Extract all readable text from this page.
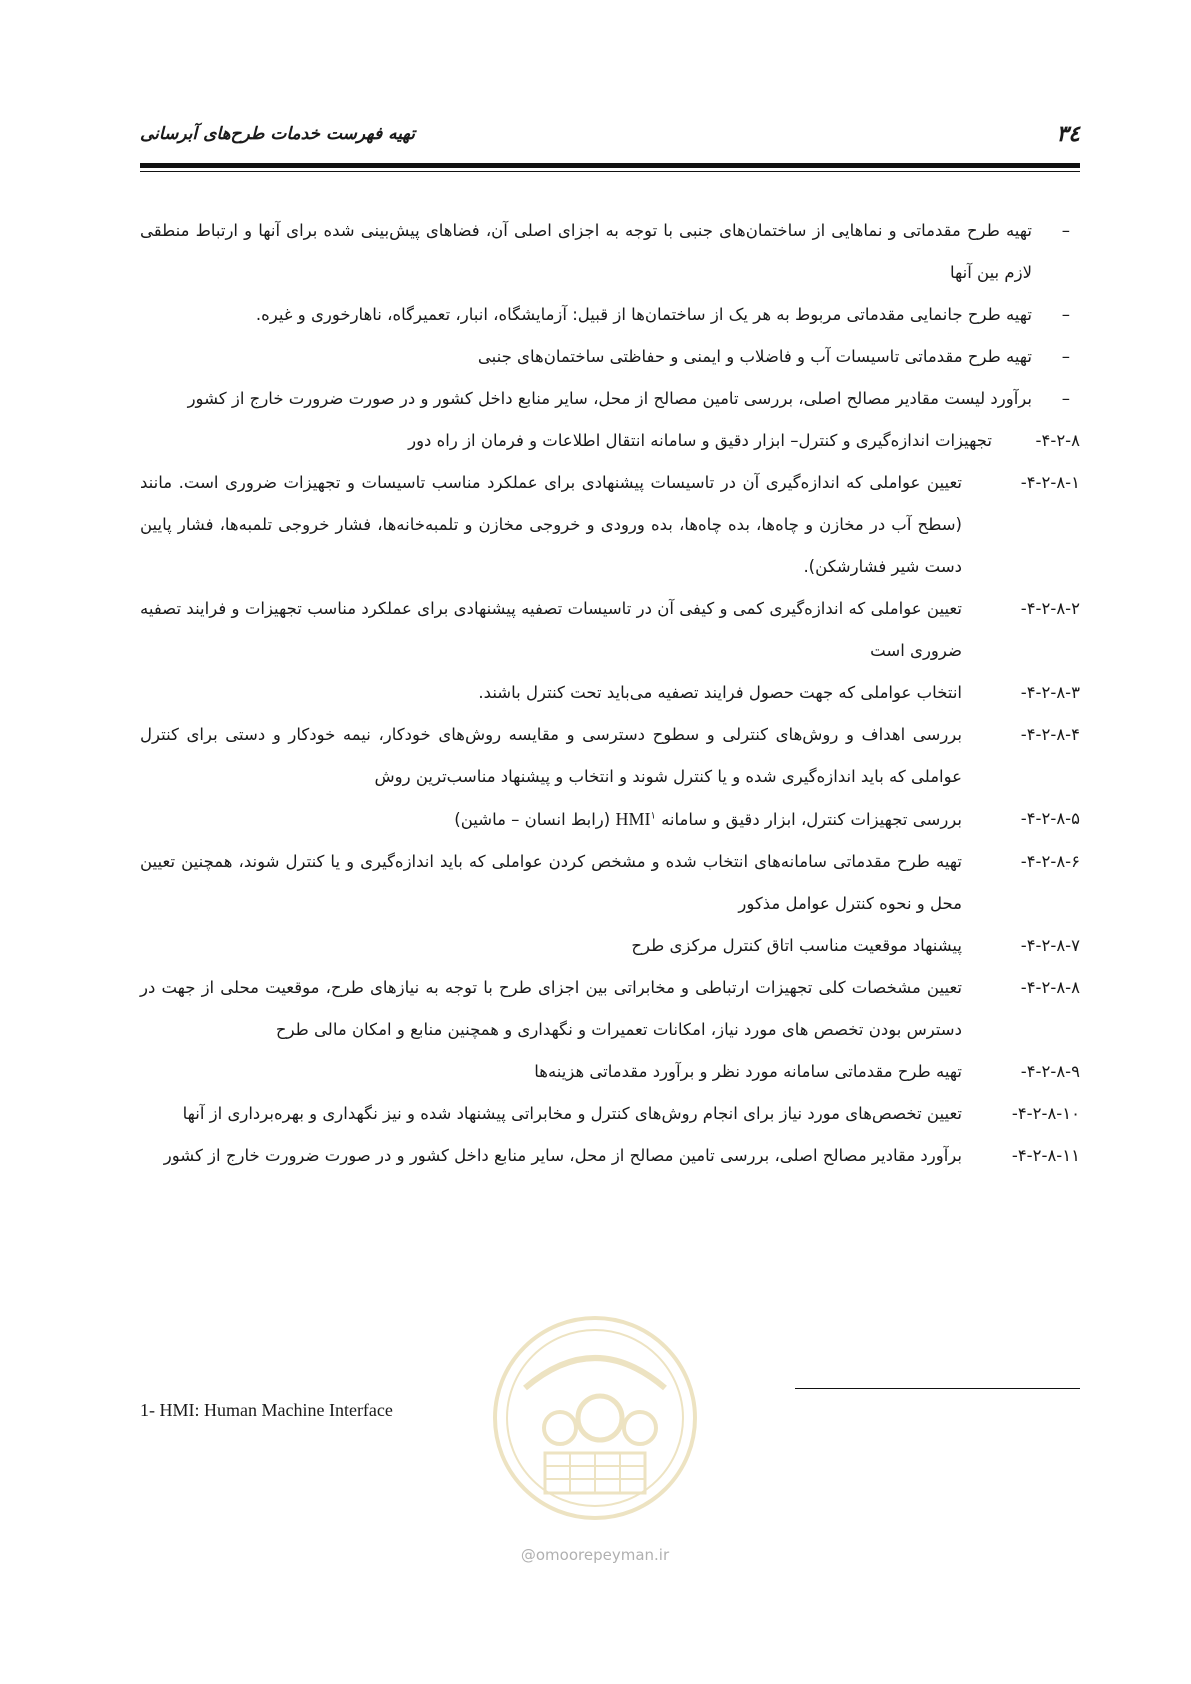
۳٤
تهیه فهرست خدمات طرح‌های آبرسانی
–

تهیه طرح مقدماتی و نماهایی از ساختمان‌های جنبی با توجه به اجزای اصلی آن، فضاهای پیش‌بینی شده برای آنها و ارتباط منطقی لازم بین آنها

–

تهیه طرح جانمایی مقدماتی مربوط به هر یک از ساختمان‌ها از قبیل: آزمایشگاه، انبار، تعمیرگاه، ناهارخوری و غیره.

–

تهیه طرح مقدماتی تاسیسات آب و فاضلاب و ایمنی و حفاظتی ساختمان‌های جنبی

–

برآورد لیست مقادیر مصالح اصلی، بررسی تامین مصالح از محل، سایر منابع داخل کشور و در صورت ضرورت خارج از کشور

۴-۲-۸-
تجهیزات اندازه‌گیری و کنترل– ابزار دقیق و سامانه انتقال اطلاعات و فرمان از راه دور
۴-۲-۸-۱-

تعیین عواملی که اندازه‌گیری آن در تاسیسات پیشنهادی برای عملکرد مناسب تاسیسات و تجهیزات ضروری است. مانند (سطح آب در مخازن و چاه‌ها، بده چاه‌ها، بده ورودی و خروجی مخازن و تلمبه‌خانه‌ها، فشار خروجی تلمبه‌ها، فشار پایین دست شیر فشارشکن).

۴-۲-۸-۲-

تعیین عواملی که اندازه‌گیری کمی و کیفی آن در تاسیسات تصفیه پیشنهادی برای عملکرد مناسب تجهیزات و فرایند تصفیه ضروری است

۴-۲-۸-۳-

انتخاب عواملی که جهت حصول فرایند تصفیه می‌باید تحت کنترل باشند.

۴-۲-۸-۴-

بررسی اهداف و روش‌های کنترلی و سطوح دسترسی و مقایسه روش‌های خودکار، نیمه خودکار و دستی برای کنترل عواملی که باید اندازه‌گیری شده و یا کنترل شوند و انتخاب و پیشنهاد مناسب‌ترین روش

۴-۲-۸-۵-

بررسی تجهیزات کنترل، ابزار دقیق و سامانه HMI$^۱$ (رابط انسان – ماشین)

۴-۲-۸-۶-

تهیه طرح مقدماتی سامانه‌های انتخاب شده و مشخص کردن عواملی که باید اندازه‌گیری و یا کنترل شوند، همچنین تعیین محل و نحوه کنترل عوامل مذکور

۴-۲-۸-۷-

پیشنهاد موقعیت مناسب اتاق کنترل مرکزی طرح

۴-۲-۸-۸-

تعیین مشخصات کلی تجهیزات ارتباطی و مخابراتی بین اجزای طرح با توجه به نیازهای طرح، موقعیت محلی از جهت در دسترس بودن تخصص های مورد نیاز، امکانات تعمیرات و نگهداری و همچنین منابع و امکان مالی طرح

۴-۲-۸-۹-

تهیه طرح مقدماتی سامانه مورد نظر و برآورد مقدماتی هزینه‌ها

۴-۲-۸-۱۰-

تعیین تخصص‌های مورد نیاز برای انجام روش‌های کنترل و مخابراتی پیشنهاد شده و نیز نگهداری و بهره‌برداری از آنها

۴-۲-۸-۱۱-

برآورد مقادیر مصالح اصلی، بررسی تامین مصالح از محل، سایر منابع داخل کشور و در صورت ضرورت خارج از کشور

1- HMI: Human Machine Interface
@omoorepeyman.ir
